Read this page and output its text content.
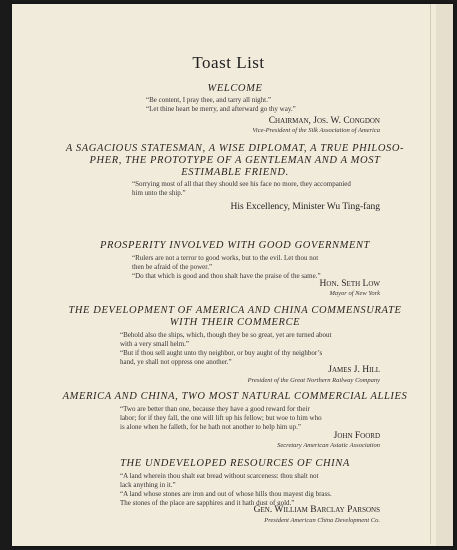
Toast List
WELCOME
“Be content, I pray thee, and tarry all night.”
“Let thine heart be merry, and afterward go thy way.”
Chairman, Jos. W. Congdon
Vice-President of the Silk Association of America
A SAGACIOUS STATESMAN, A WISE DIPLOMAT, A TRUE PHILOSO-
PHER, THE PROTOTYPE OF A GENTLEMAN AND A MOST
ESTIMABLE FRIEND.
“Sorrying most of all that they should see his face no more, they accompanied
him unto the ship.”
His Excellency, Minister Wu Ting-fang
PROSPERITY INVOLVED WITH GOOD GOVERNMENT
“Rulers are not a terror to good works, but to the evil. Let thou not
then be afraid of the power.”
“Do that which is good and thou shalt have the praise of the same.”
Hon. Seth Low
Mayor of New York
THE DEVELOPMENT OF AMERICA AND CHINA COMMENSURATE
WITH THEIR COMMERCE
“Behold also the ships, which, though they be so great, yet are turned about
with a very small helm.”
“But if thou sell aught unto thy neighbor, or buy aught of thy neighbor’s
hand, ye shall not oppress one another.”
James J. Hill
President of the Great Northern Railway Company
AMERICA AND CHINA, TWO MOST NATURAL COMMERCIAL ALLIES
“Two are better than one, because they have a good reward for their
labor; for if they fall, the one will lift up his fellow; but woe to him who
is alone when he falleth, for he hath not another to help him up.”
John Foord
Secretary American Asiatic Association
THE UNDEVELOPED RESOURCES OF CHINA
“A land wherein thou shalt eat bread without scarceness: thou shalt not
lack anything in it.”
“A land whose stones are iron and out of whose hills thou mayest dig brass.
The stones of the place are sapphires and it hath dust of gold.”
Gen. William Barclay Parsons
President American China Development Co.
